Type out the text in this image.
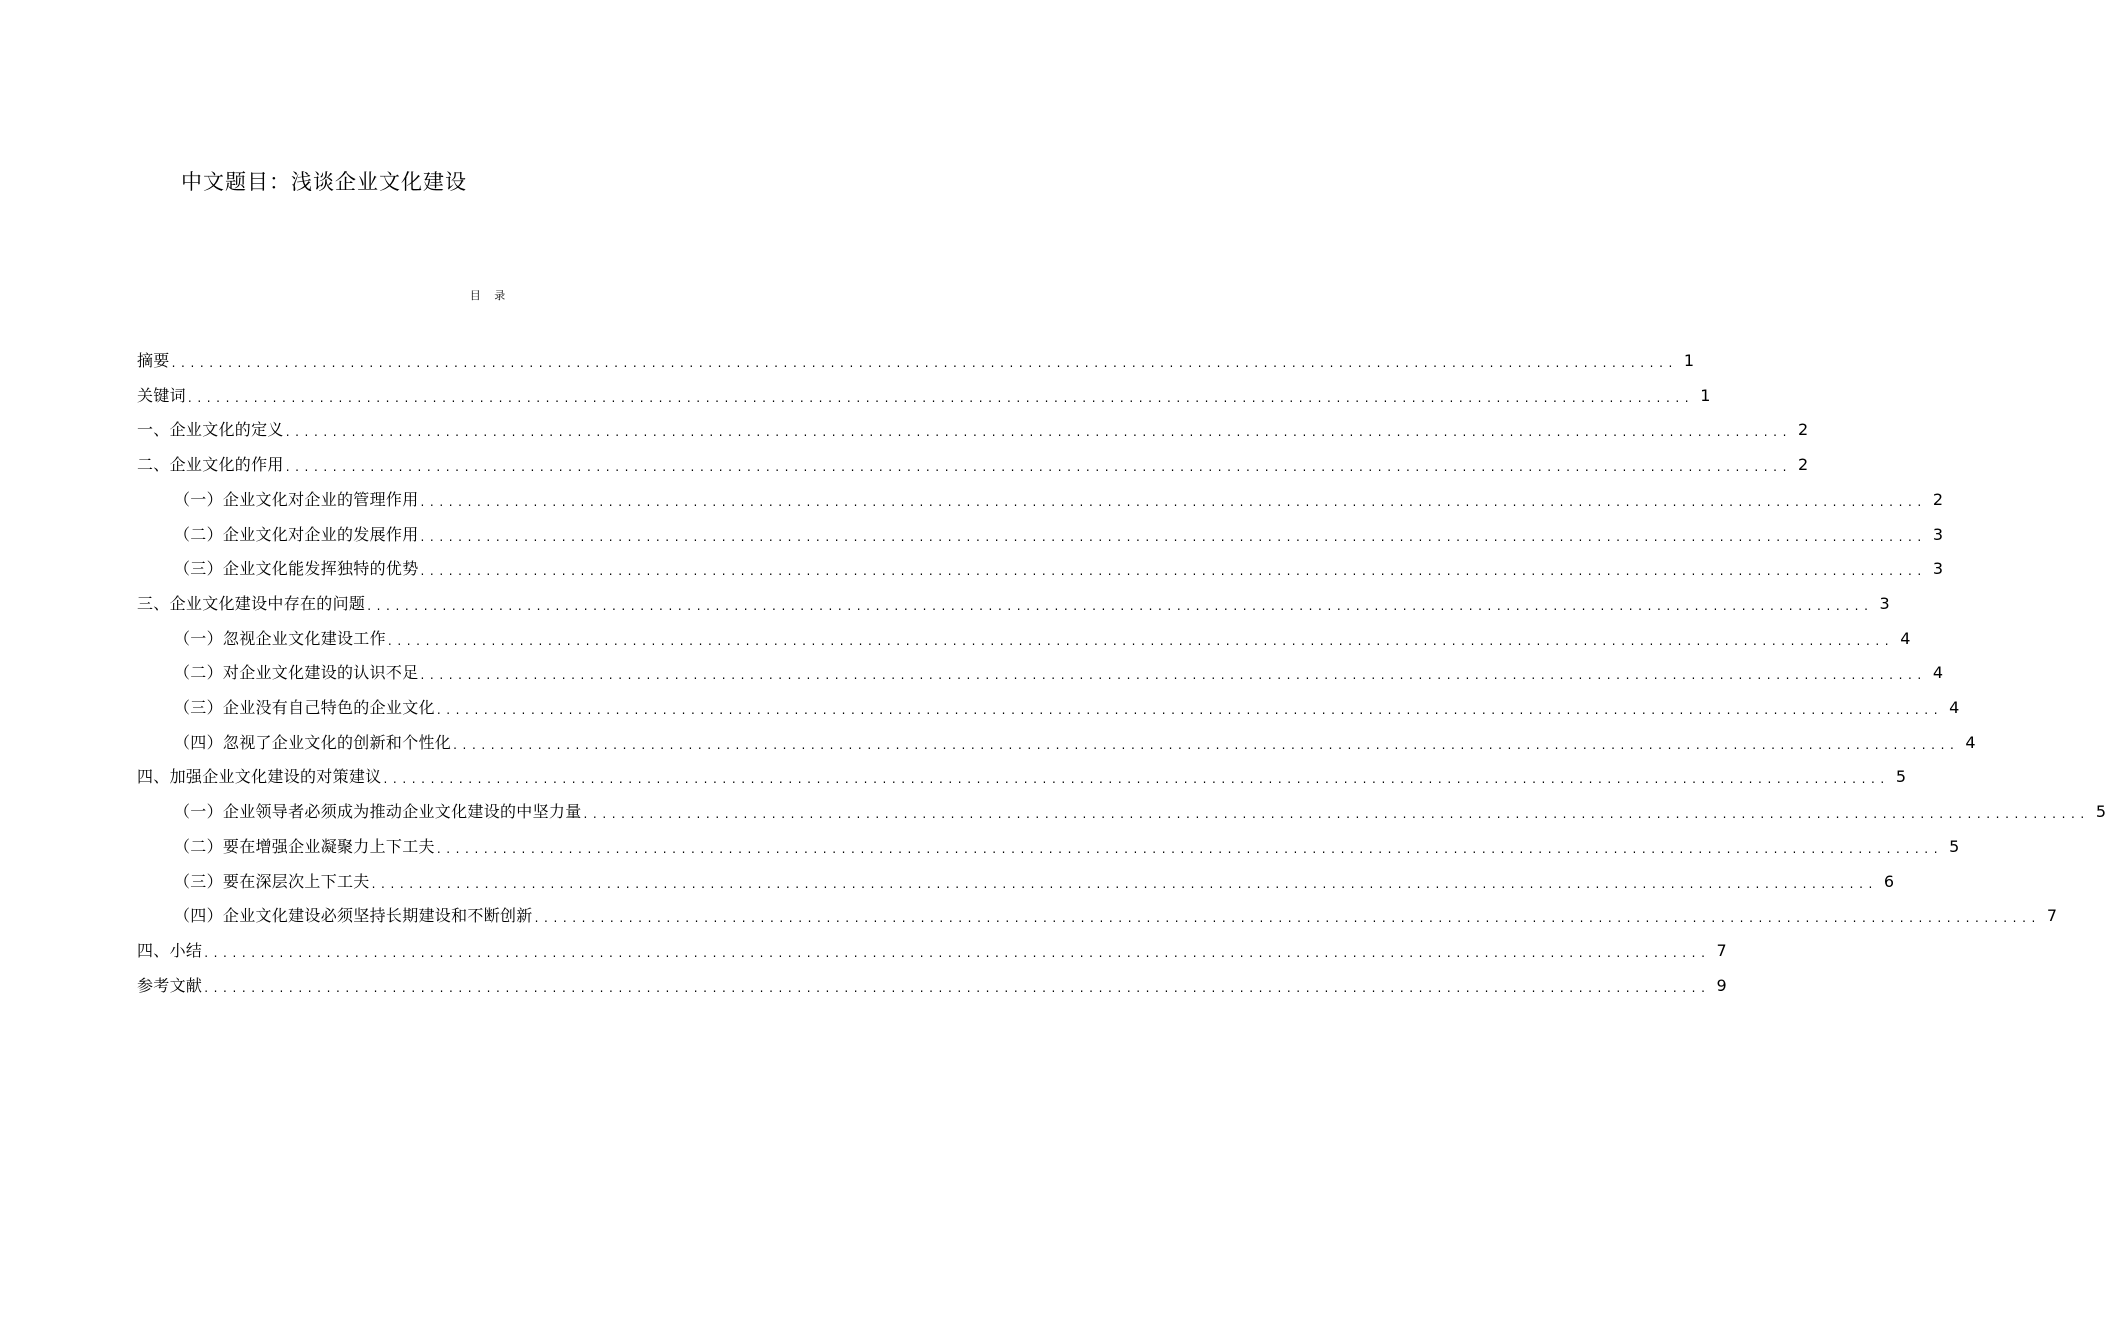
中文题目：浅谈企业文化建设
目 录
摘要 ................................................................................................................................................................ 1
关键词 ................................................................................................................................................................ 1
一、企业文化的定义 ................................................................................................................................................................ 2
二、企业文化的作用 ................................................................................................................................................................ 2
（一）企业文化对企业的管理作用 ................................................................................................................................................................ 2
（二）企业文化对企业的发展作用 ................................................................................................................................................................ 3
（三）企业文化能发挥独特的优势 ................................................................................................................................................................ 3
三、企业文化建设中存在的问题 ................................................................................................................................................................ 3
（一）忽视企业文化建设工作 ................................................................................................................................................................ 4
（二）对企业文化建设的认识不足 ................................................................................................................................................................ 4
（三）企业没有自己特色的企业文化 ................................................................................................................................................................ 4
（四）忽视了企业文化的创新和个性化 ................................................................................................................................................................ 4
四、加强企业文化建设的对策建议 ................................................................................................................................................................ 5
（一）企业领导者必须成为推动企业文化建设的中坚力量 ................................................................................................................................................................ 5
（二）要在增强企业凝聚力上下工夫 ................................................................................................................................................................ 5
（三）要在深层次上下工夫 ................................................................................................................................................................ 6
（四）企业文化建设必须坚持长期建设和不断创新 ................................................................................................................................................................ 7
四、小结 ................................................................................................................................................................ 7
参考文献 ................................................................................................................................................................ 9
